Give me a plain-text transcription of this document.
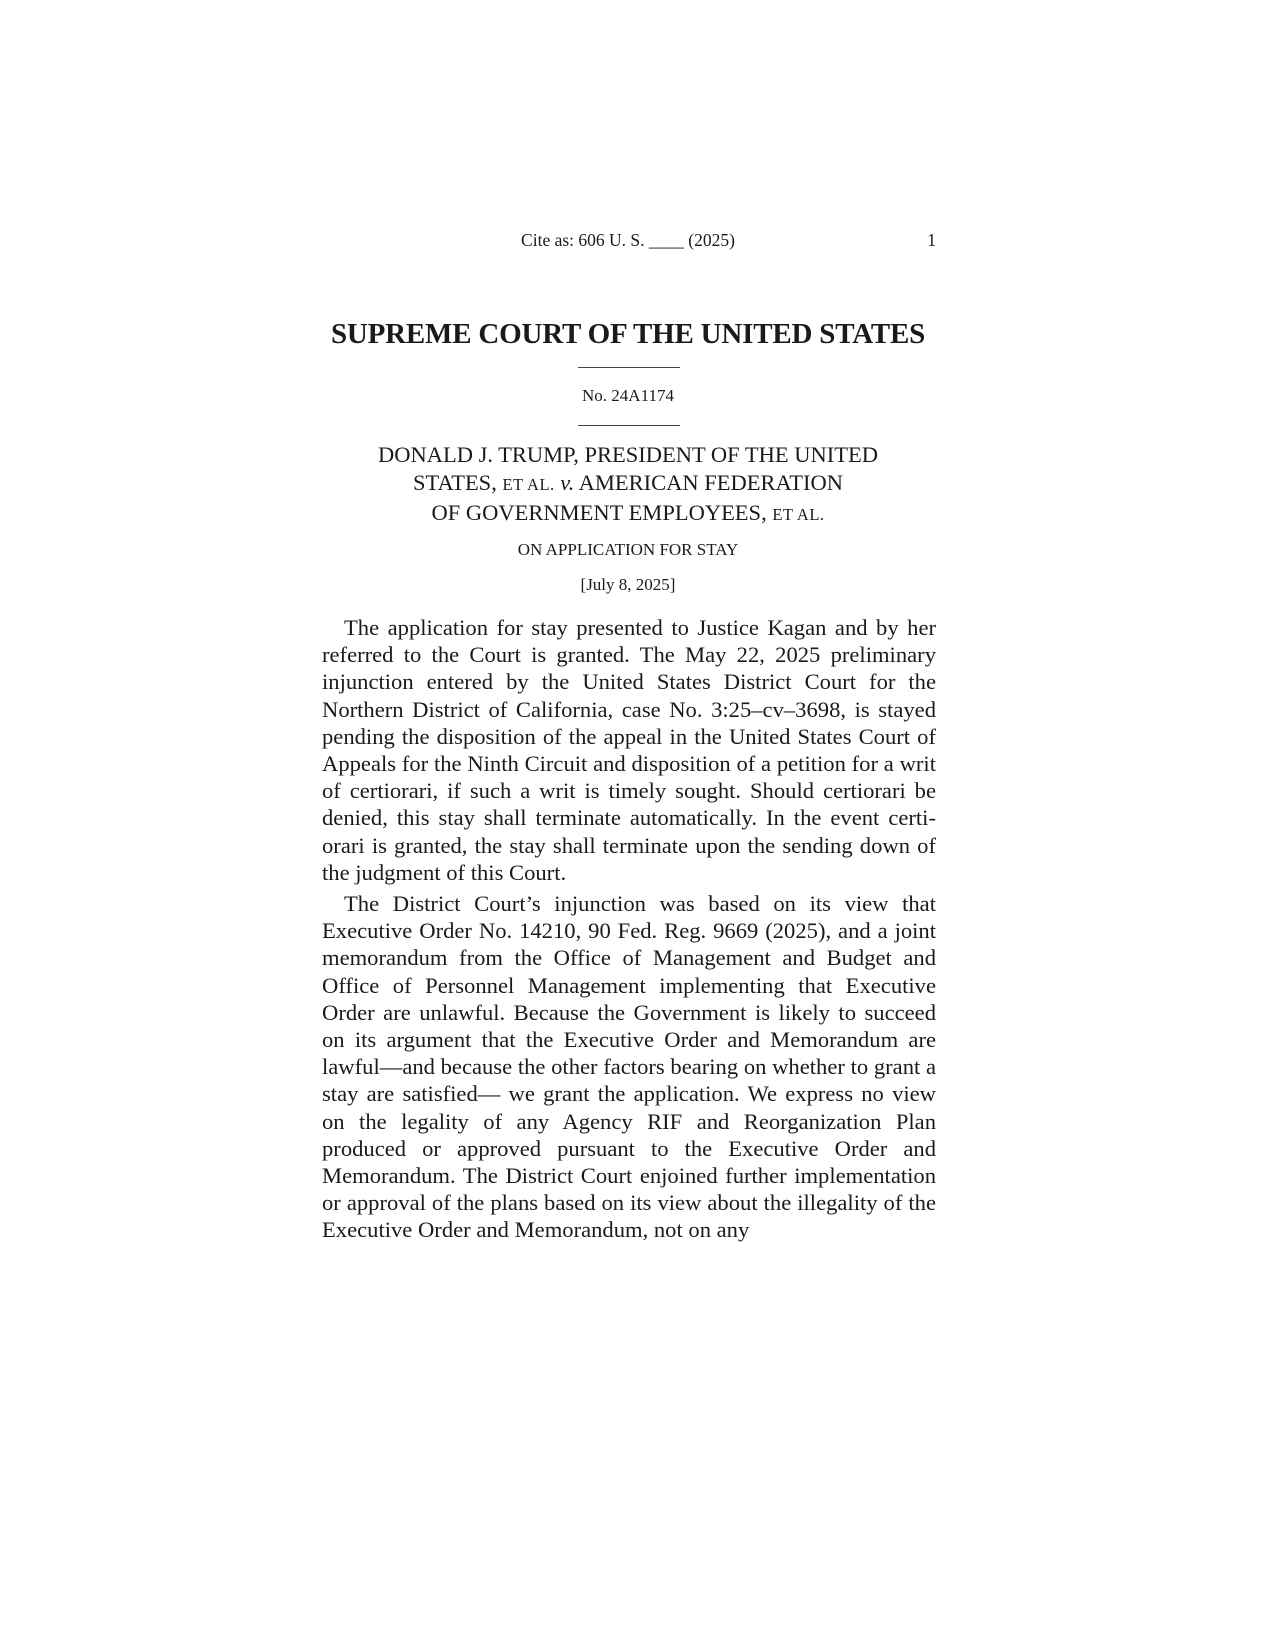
Cite as: 606 U. S. ____ (2025)	1
SUPREME COURT OF THE UNITED STATES
No. 24A1174
DONALD J. TRUMP, PRESIDENT OF THE UNITED
STATES, ET AL. v. AMERICAN FEDERATION
OF GOVERNMENT EMPLOYEES, ET AL.
ON APPLICATION FOR STAY
[July 8, 2025]

The application for stay presented to Justice Kagan and by her referred to the Court is granted. The May 22, 2025 preliminary injunction entered by the United States District Court for the Northern District of California, case No. 3:25–cv–3698, is stayed pending the disposition of the appeal in the United States Court of Appeals for the Ninth Circuit and disposition of a petition for a writ of certiorari, if such a writ is timely sought. Should certiorari be denied, this stay shall terminate automatically. In the event certiorari is granted, the stay shall terminate upon the sending down of the judgment of this Court.

The District Court’s injunction was based on its view that Executive Order No. 14210, 90 Fed. Reg. 9669 (2025), and a joint memorandum from the Office of Management and Budget and Office of Personnel Management implementing that Executive Order are unlawful. Because the Government is likely to succeed on its argument that the Executive Order and Memorandum are lawful—and because the other factors bearing on whether to grant a stay are satisfied— we grant the application. We express no view on the legality of any Agency RIF and Reorganization Plan produced or approved pursuant to the Executive Order and Memorandum. The District Court enjoined further implementation or approval of the plans based on its view about the illegality of the Executive Order and Memorandum, not on any
